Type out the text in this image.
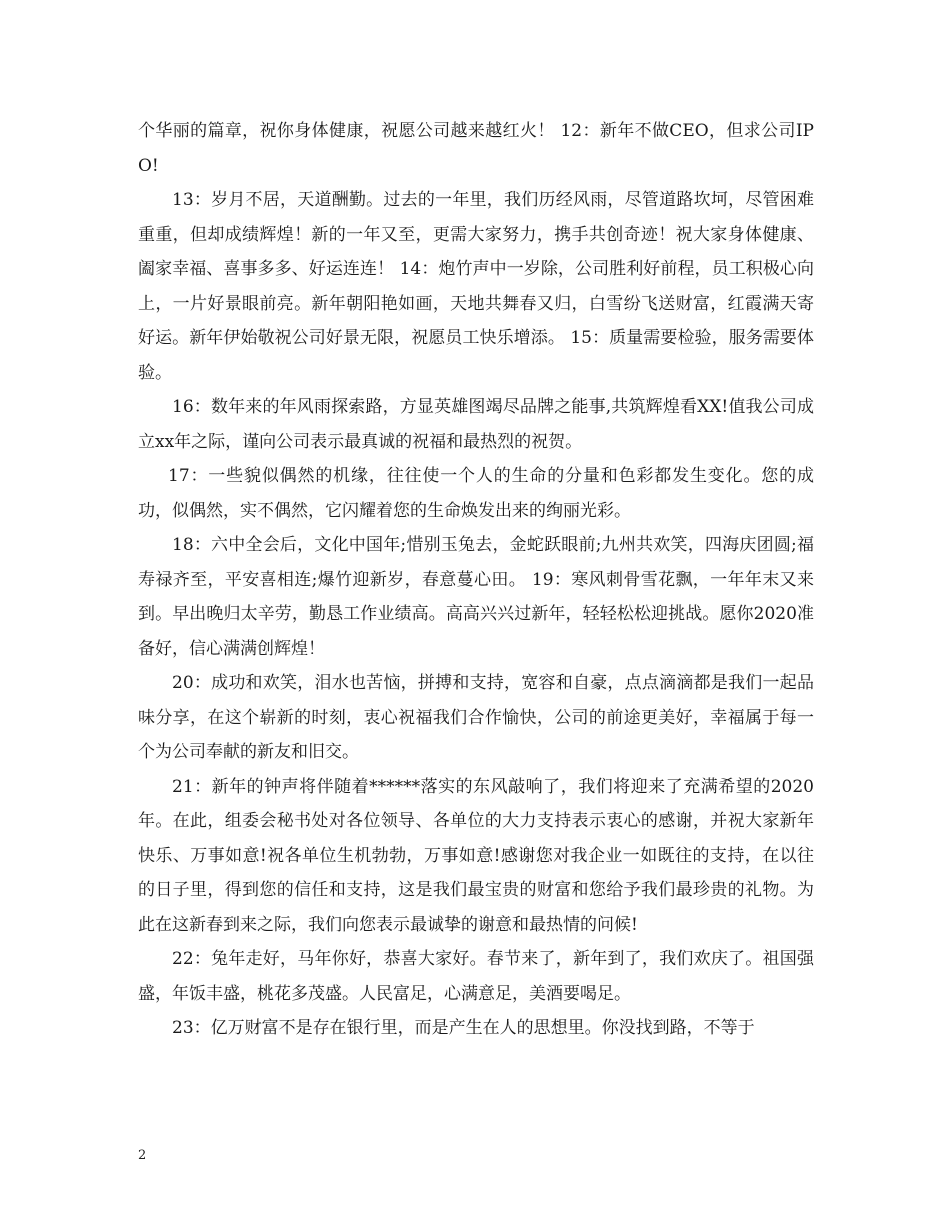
个华丽的篇章，祝你身体健康，祝愿公司越来越红火！ 12：新年不做CEO，但求公司IPO!

13：岁月不居，天道酬勤。过去的一年里，我们历经风雨，尽管道路坎坷，尽管困难重重，但却成绩辉煌！新的一年又至，更需大家努力，携手共创奇迹！祝大家身体健康、阖家幸福、喜事多多、好运连连！ 14：炮竹声中一岁除，公司胜利好前程，员工积极心向上，一片好景眼前亮。新年朝阳艳如画，天地共舞春又归，白雪纷飞送财富，红霞满天寄好运。新年伊始敬祝公司好景无限，祝愿员工快乐增添。 15：质量需要检验，服务需要体验。

16：数年来的年风雨探索路，方显英雄图竭尽品牌之能事,共筑辉煌看XX!值我公司成立xx年之际，谨向公司表示最真诚的祝福和最热烈的祝贺。

17：一些貌似偶然的机缘，往往使一个人的生命的分量和色彩都发生变化。您的成功，似偶然，实不偶然，它闪耀着您的生命焕发出来的绚丽光彩。

18：六中全会后，文化中国年;惜别玉兔去，金蛇跃眼前;九州共欢笑，四海庆团圆;福寿禄齐至，平安喜相连;爆竹迎新岁，春意蔓心田。 19：寒风刺骨雪花飘，一年年末又来到。早出晚归太辛劳，勤恳工作业绩高。高高兴兴过新年，轻轻松松迎挑战。愿你2020准备好，信心满满创辉煌！

20：成功和欢笑，泪水也苦恼，拼搏和支持，宽容和自豪，点点滴滴都是我们一起品味分享，在这个崭新的时刻，衷心祝福我们合作愉快，公司的前途更美好，幸福属于每一个为公司奉献的新友和旧交。

21：新年的钟声将伴随着******落实的东风敲响了，我们将迎来了充满希望的2020年。在此，组委会秘书处对各位领导、各单位的大力支持表示衷心的感谢，并祝大家新年快乐、万事如意!祝各单位生机勃勃，万事如意!感谢您对我企业一如既往的支持，在以往的日子里，得到您的信任和支持，这是我们最宝贵的财富和您给予我们最珍贵的礼物。为此在这新春到来之际，我们向您表示最诚挚的谢意和最热情的问候!

22：兔年走好，马年你好，恭喜大家好。春节来了，新年到了，我们欢庆了。祖国强盛，年饭丰盛，桃花多茂盛。人民富足，心满意足，美酒要喝足。

23：亿万财富不是存在银行里，而是产生在人的思想里。你没找到路，不等于

2
